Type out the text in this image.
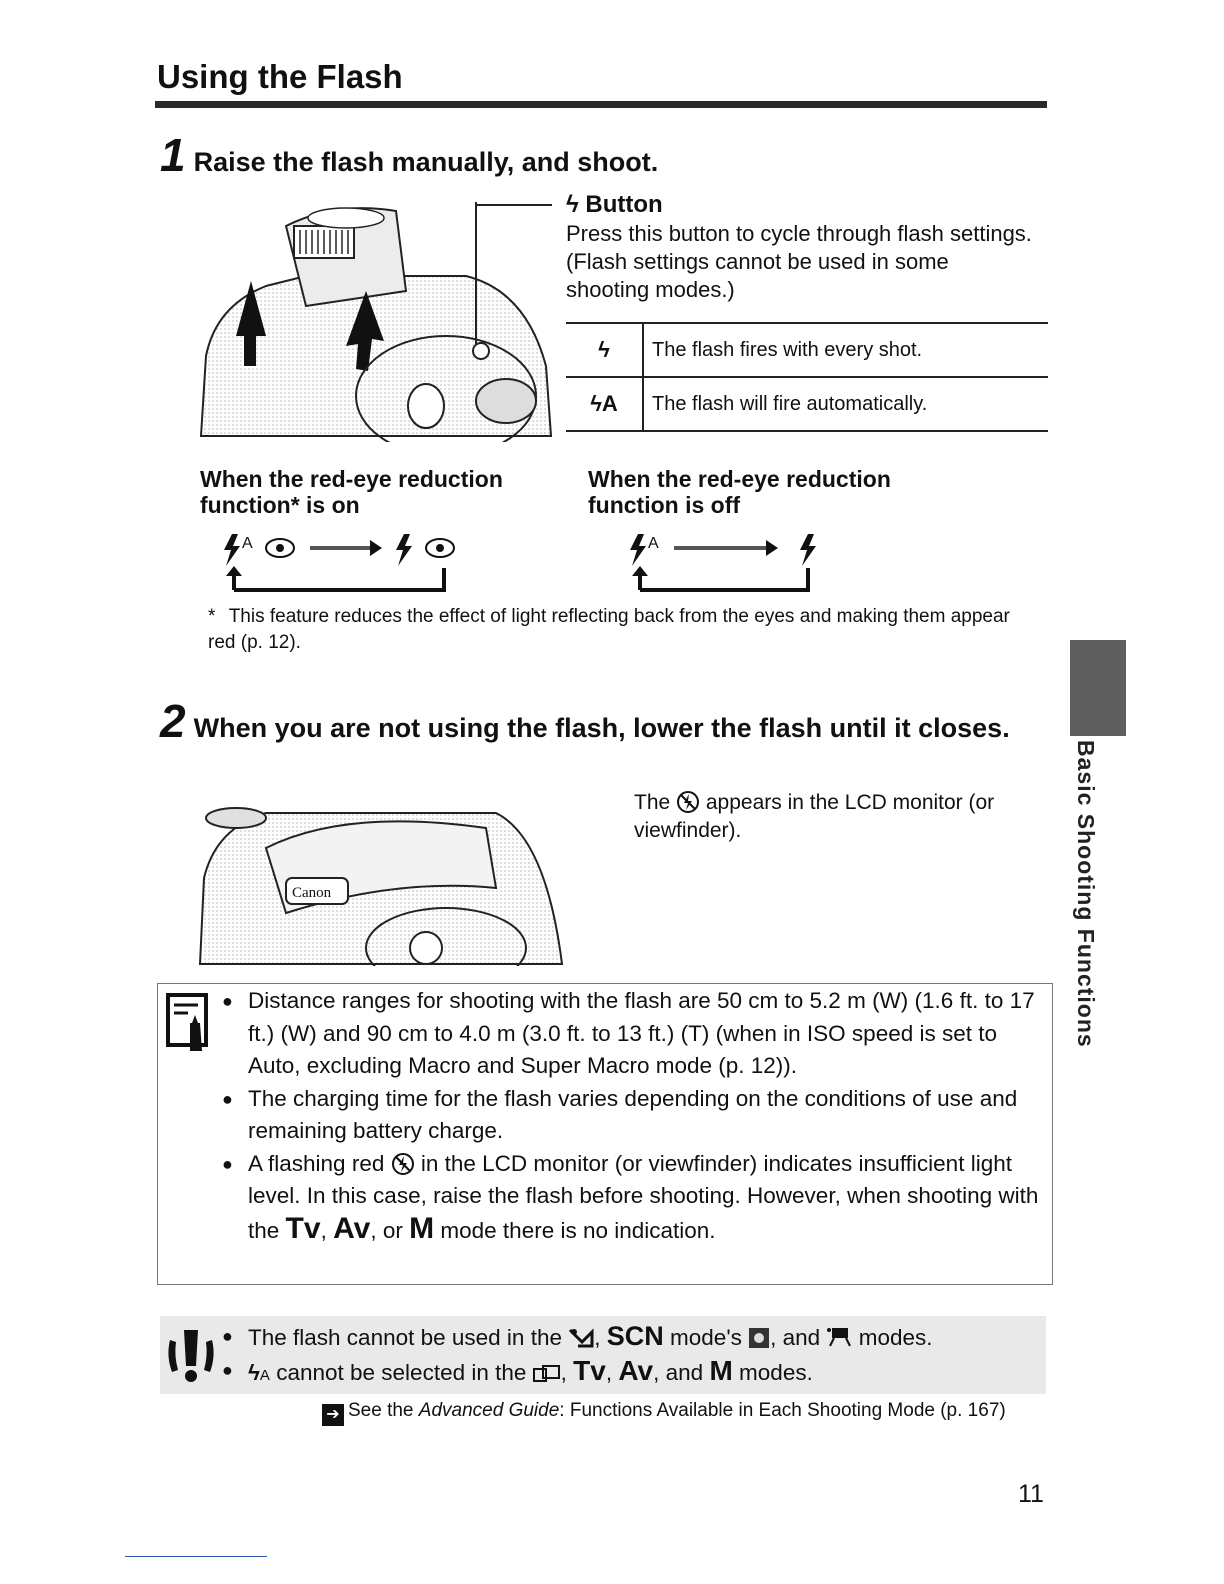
Using the Flash
1 Raise the flash manually, and shoot.
ϟ Button
Press this button to cycle through flash settings. (Flash settings cannot be used in some shooting modes.)
ϟ	The flash fires with every shot.
ϟA	The flash will fire automatically.
When the red-eye reduction function* is on
When the red-eye reduction function is off
A	A
* This feature reduces the effect of light reflecting back from the eyes and making them appear red (p. 12).
2 When you are not using the flash, lower the flash until it closes.
Canon
The appears in the LCD monitor (or viewfinder).
● Distance ranges for shooting with the flash are 50 cm to 5.2 m (W) (1.6 ft. to 17 ft.) (W) and 90 cm to 4.0 m (3.0 ft. to 13 ft.) (T) (when in ISO speed is set to Auto, excluding Macro and Super Macro mode (p. 12)).
● The charging time for the flash varies depending on the conditions of use and remaining battery charge.
● A flashing red in the LCD monitor (or viewfinder) indicates insufficient light level. In this case, raise the flash before shooting. However, when shooting with the Tv, Av, or M mode there is no indication.
● The flash cannot be used in the , SCN mode's , and modes.
● ϟA cannot be selected in the , Tv, Av, and M modes.
➔ See the Advanced Guide: Functions Available in Each Shooting Mode (p. 167)
Basic Shooting Functions
11
